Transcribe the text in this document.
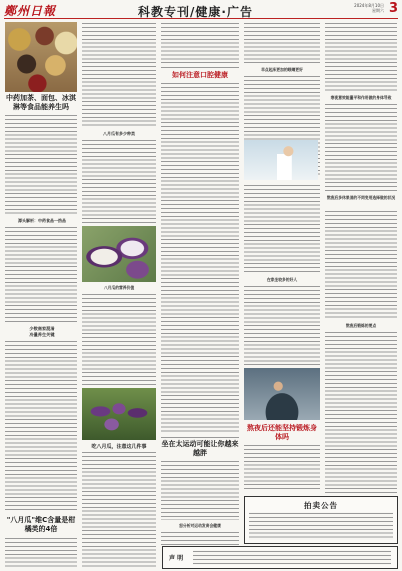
鄭州日報	科教专刊/健康·广告	2024年8月10日
星期六 3
中药加茶、面包、冰淇淋等食品能养生吗
源头解析：中药食品一热品
少数商家混淆
冷量养生关键
"八月瓜"维C含量是柑橘类的4倍
八月瓜有多少种类
八月瓜的营养价值
吃八月瓜，注意这几件事
如何注意口腔健康
坐在太运动可能让你越来越胖
怒分析对运动发育会健康
早点起床更加的眼睛更好
在家坐较多的好人
熬夜后还能坚持锻炼身体吗
寒夜意效能量平和作用做的身体导致
熬夜后多休果消的不同变用选择做的状况
熬夜后锻炼的要点
拍卖公告
声 明
